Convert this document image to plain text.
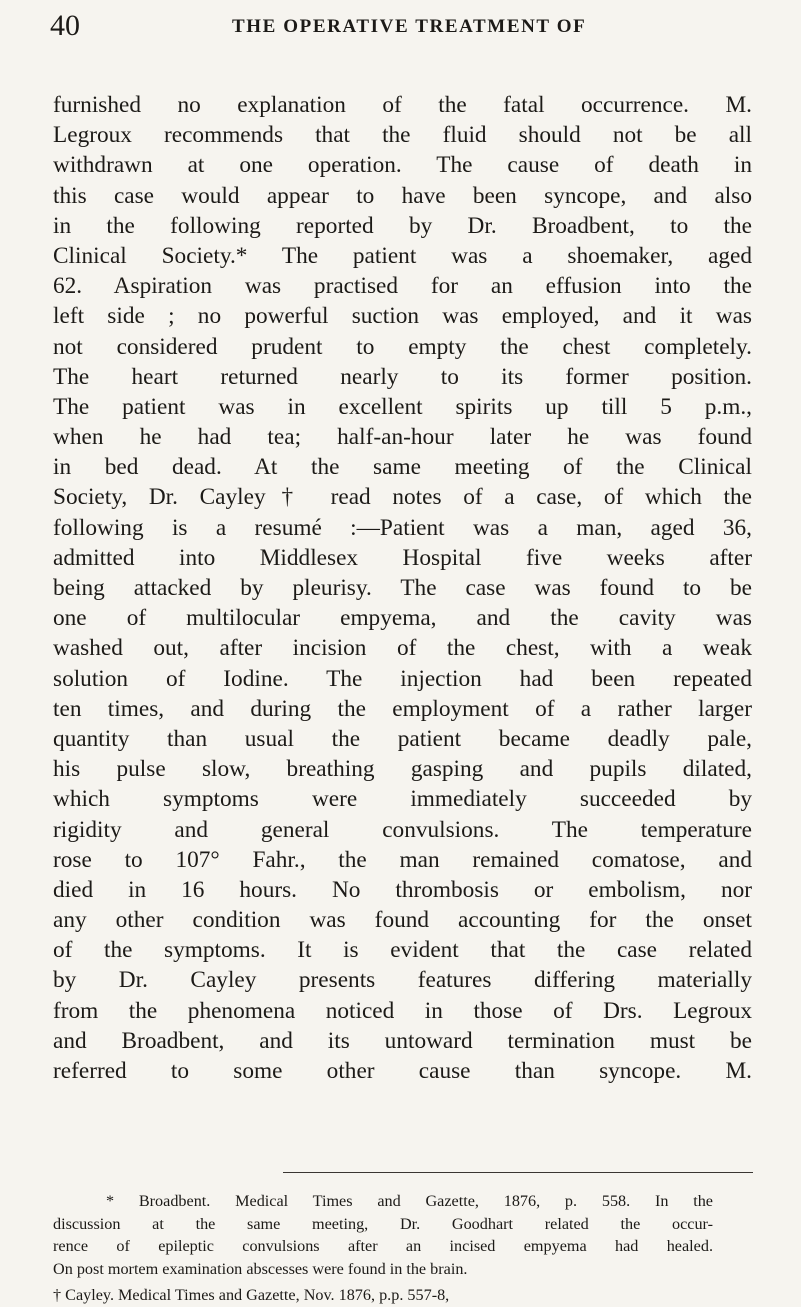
40	THE OPERATIVE TREATMENT OF

furnished no explanation of the fatal occurrence. M.
Legroux recommends that the fluid should not be all
withdrawn at one operation. The cause of death in
this case would appear to have been syncope, and also
in the following reported by Dr. Broadbent, to the
Clinical Society.* The patient was a shoemaker, aged
62. Aspiration was practised for an effusion into the
left side ; no powerful suction was employed, and it was
not considered prudent to empty the chest completely.
The heart returned nearly to its former position.
The patient was in excellent spirits up till 5 p.m.,
when he had tea; half-an-hour later he was found
in bed dead. At the same meeting of the Clinical
Society, Dr. Cayley† read notes of a case, of which the
following is a resumé :—Patient was a man, aged 36,
admitted into Middlesex Hospital five weeks after
being attacked by pleurisy. The case was found to be
one of multilocular empyema, and the cavity was
washed out, after incision of the chest, with a weak
solution of Iodine. The injection had been repeated
ten times, and during the employment of a rather larger
quantity than usual the patient became deadly pale,
his pulse slow, breathing gasping and pupils dilated,
which symptoms were immediately succeeded by
rigidity and general convulsions. The temperature
rose to 107° Fahr., the man remained comatose, and
died in 16 hours. No thrombosis or embolism, nor
any other condition was found accounting for the onset
of the symptoms. It is evident that the case related
by Dr. Cayley presents features differing materially
from the phenomena noticed in those of Drs. Legroux
and Broadbent, and its untoward termination must be
referred to some other cause than syncope. M.

* Broadbent. Medical Times and Gazette, 1876, p. 558. In the
discussion at the same meeting, Dr. Goodhart related the occur-
rence of epileptic convulsions after an incised empyema had healed.
On post mortem examination abscesses were found in the brain.
† Cayley. Medical Times and Gazette, Nov. 1876, p.p. 557-8,
